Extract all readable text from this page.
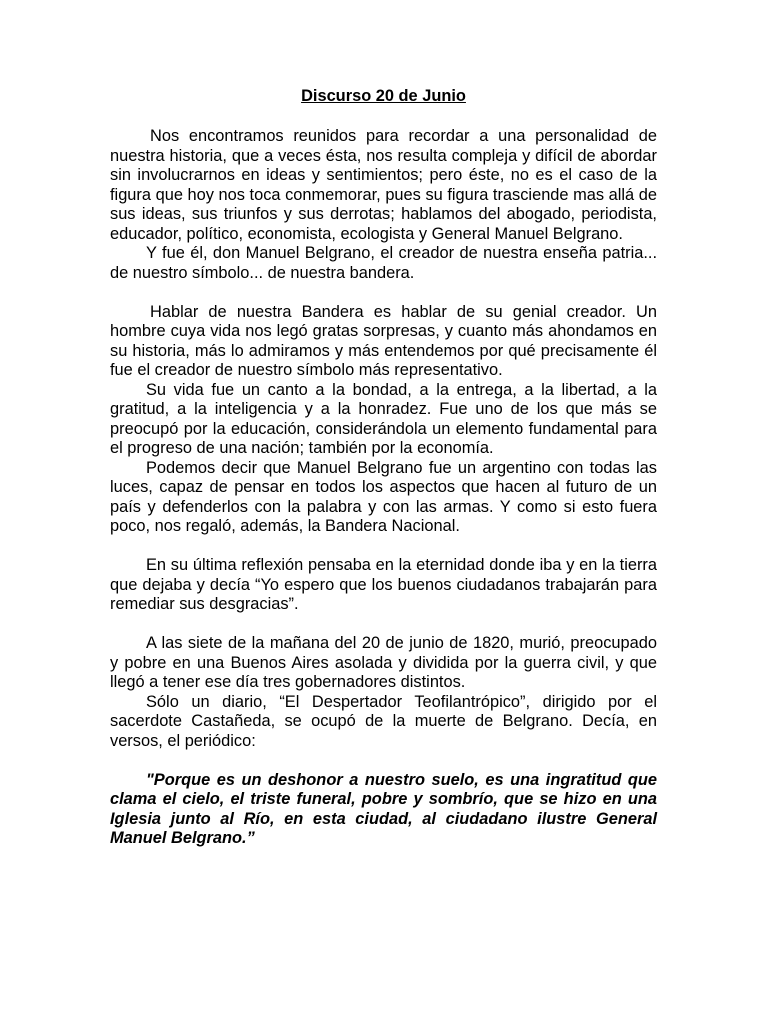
Discurso 20 de Junio

Nos encontramos reunidos para recordar a una personalidad de nuestra historia, que a veces ésta, nos resulta compleja y difícil de abordar sin involucrarnos en ideas y sentimientos; pero éste, no es el caso de la figura que hoy nos toca conmemorar, pues su figura trasciende mas allá de sus ideas, sus triunfos y sus derrotas; hablamos del abogado, periodista, educador, político, economista, ecologista y General Manuel Belgrano.

Y fue él, don Manuel Belgrano, el creador de nuestra enseña patria... de nuestro símbolo... de nuestra bandera.

Hablar de nuestra Bandera es hablar de su genial creador. Un hombre cuya vida nos legó gratas sorpresas, y cuanto más ahondamos en su historia, más lo admiramos y más entendemos por qué precisamente él fue el creador de nuestro símbolo más representativo.

Su vida fue un canto a la bondad, a la entrega, a la libertad, a la gratitud, a la inteligencia y a la honradez. Fue uno de los que más se preocupó por la educación, considerándola un elemento fundamental para el progreso de una nación; también por la economía.

Podemos decir que Manuel Belgrano fue un argentino con todas las luces, capaz de pensar en todos los aspectos que hacen al futuro de un país y defenderlos con la palabra y con las armas. Y como si esto fuera poco, nos regaló, además, la Bandera Nacional.

En su última reflexión pensaba en la eternidad donde iba y en la tierra que dejaba y decía “Yo espero que los buenos ciudadanos trabajarán para remediar sus desgracias”.

A las siete de la mañana del 20 de junio de 1820, murió, preocupado y pobre en una Buenos Aires asolada y dividida por la guerra civil, y que llegó a tener ese día tres gobernadores distintos.

Sólo un diario, “El Despertador Teofilantrópico”, dirigido por el sacerdote Castañeda, se ocupó de la muerte de Belgrano. Decía, en versos, el periódico:

"Porque es un deshonor a nuestro suelo, es una ingratitud que clama el cielo, el triste funeral, pobre y sombrío, que se hizo en una Iglesia junto al Río, en esta ciudad, al ciudadano ilustre General Manuel Belgrano.”
